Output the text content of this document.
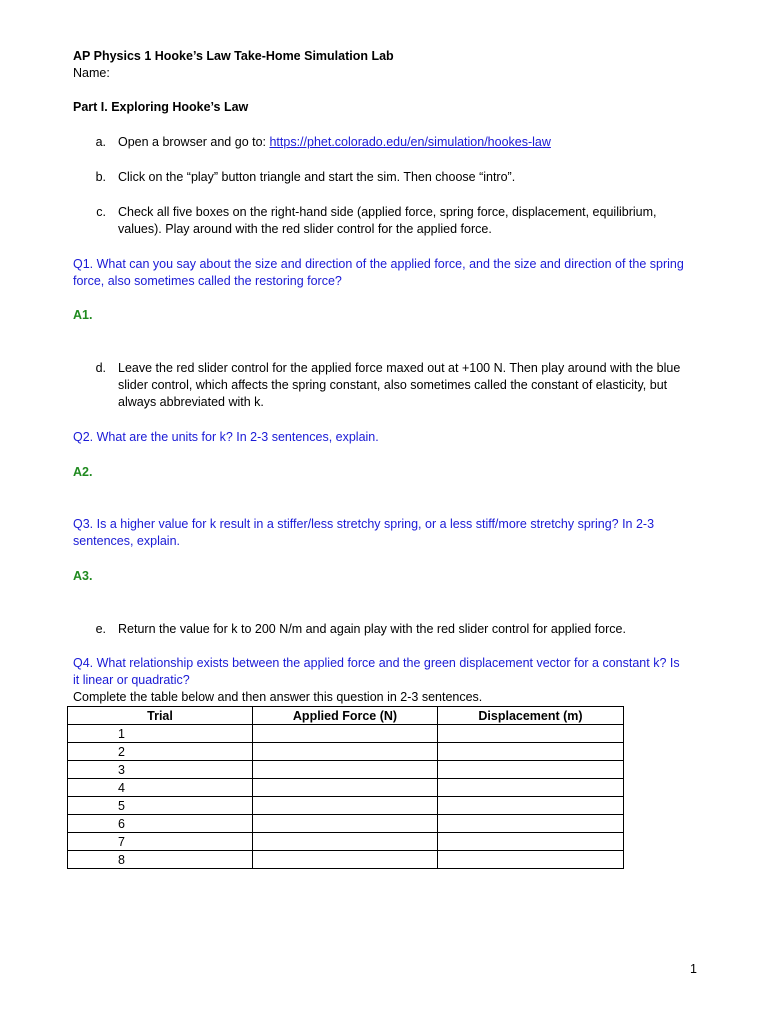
AP Physics 1 Hooke’s Law Take-Home Simulation Lab
Name:
Part I. Exploring Hooke’s Law
a. Open a browser and go to: https://phet.colorado.edu/en/simulation/hookes-law
b. Click on the “play” button triangle and start the sim. Then choose “intro”.
c. Check all five boxes on the right-hand side (applied force, spring force, displacement, equilibrium,
values). Play around with the red slider control for the applied force.
Q1. What can you say about the size and direction of the applied force, and the size and direction of the spring
force, also sometimes called the restoring force?
A1.
d. Leave the red slider control for the applied force maxed out at +100 N. Then play around with the blue
slider control, which affects the spring constant, also sometimes called the constant of elasticity, but
always abbreviated with k.
Q2. What are the units for k? In 2-3 sentences, explain.
A2.
Q3. Is a higher value for k result in a stiffer/less stretchy spring, or a less stiff/more stretchy spring? In 2-3
sentences, explain.
A3.
e. Return the value for k to 200 N/m and again play with the red slider control for applied force.
Q4. What relationship exists between the applied force and the green displacement vector for a constant k? Is
it linear or quadratic?
Complete the table below and then answer this question in 2-3 sentences.
Trial	Applied Force (N)	Displacement (m)
1		
2		
3		
4		
5		
6		
7		
8		
1
